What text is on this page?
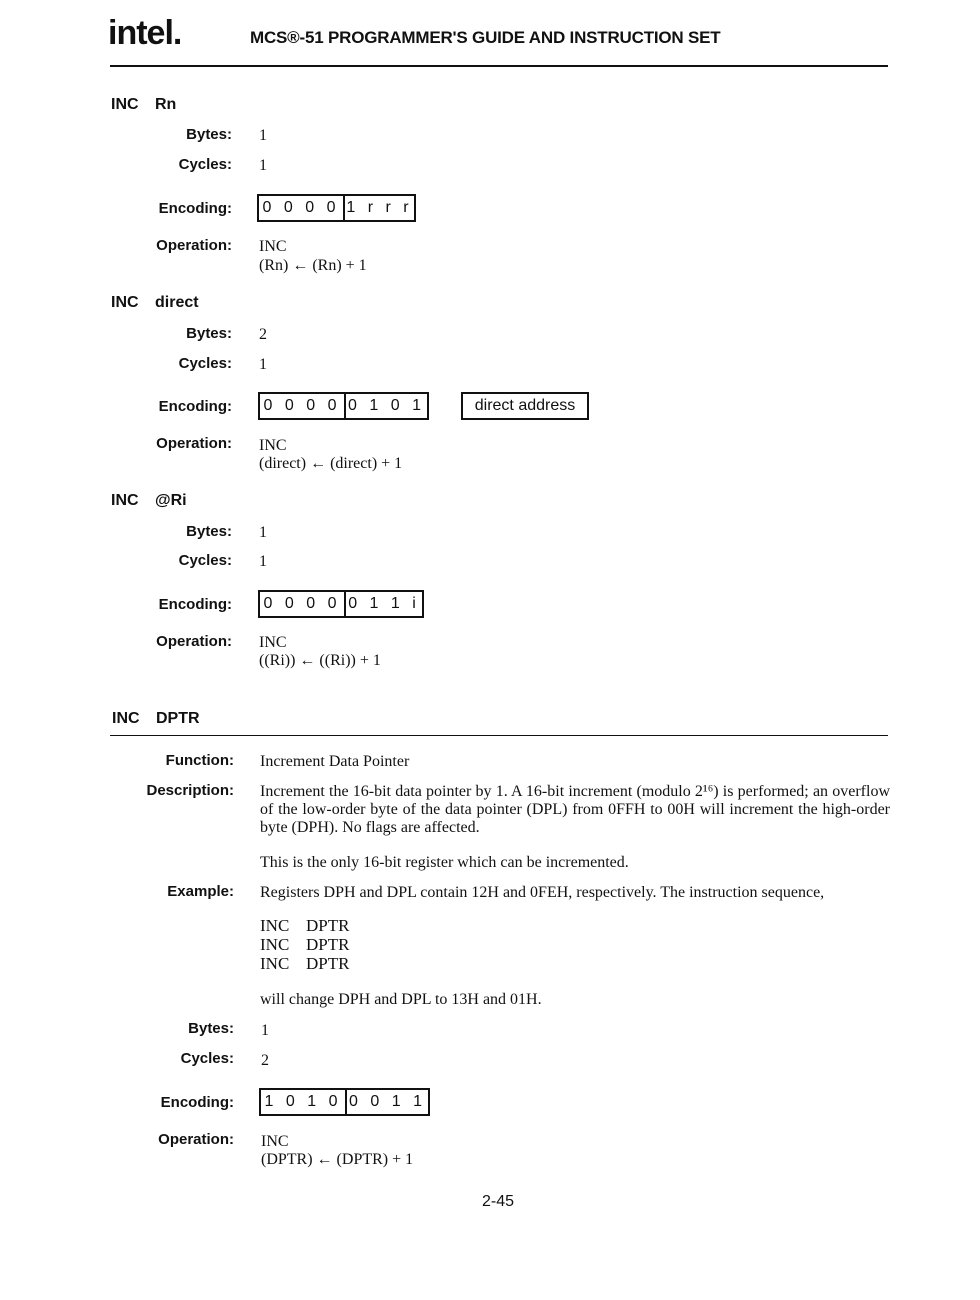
intel.	MCS®-51 PROGRAMMER'S GUIDE AND INSTRUCTION SET
INC Rn
Bytes: 1
Cycles: 1
Encoding: 0 0 0 0 1 r r r
Operation: INC
(Rn) ← (Rn) + 1
INC direct
Bytes: 2
Cycles: 1
Encoding: 0 0 0 0 0 1 0 1	direct address
Operation: INC
(direct) ← (direct) + 1
INC @Ri
Bytes: 1
Cycles: 1
Encoding: 0 0 0 0 0 1 1 i
Operation: INC
((Ri)) ← ((Ri)) + 1
INC DPTR
Function: Increment Data Pointer
Description: Increment the 16-bit data pointer by 1. A 16-bit increment (modulo 2¹⁶) is performed; an overflow of the low-order byte of the data pointer (DPL) from 0FFH to 00H will increment the high-order byte (DPH). No flags are affected.
This is the only 16-bit register which can be incremented.
Example: Registers DPH and DPL contain 12H and 0FEH, respectively. The instruction sequence,
INC DPTR
INC DPTR
INC DPTR
will change DPH and DPL to 13H and 01H.
Bytes: 1
Cycles: 2
Encoding: 1 0 1 0 0 0 1 1
Operation: INC
(DPTR) ← (DPTR) + 1
2-45
